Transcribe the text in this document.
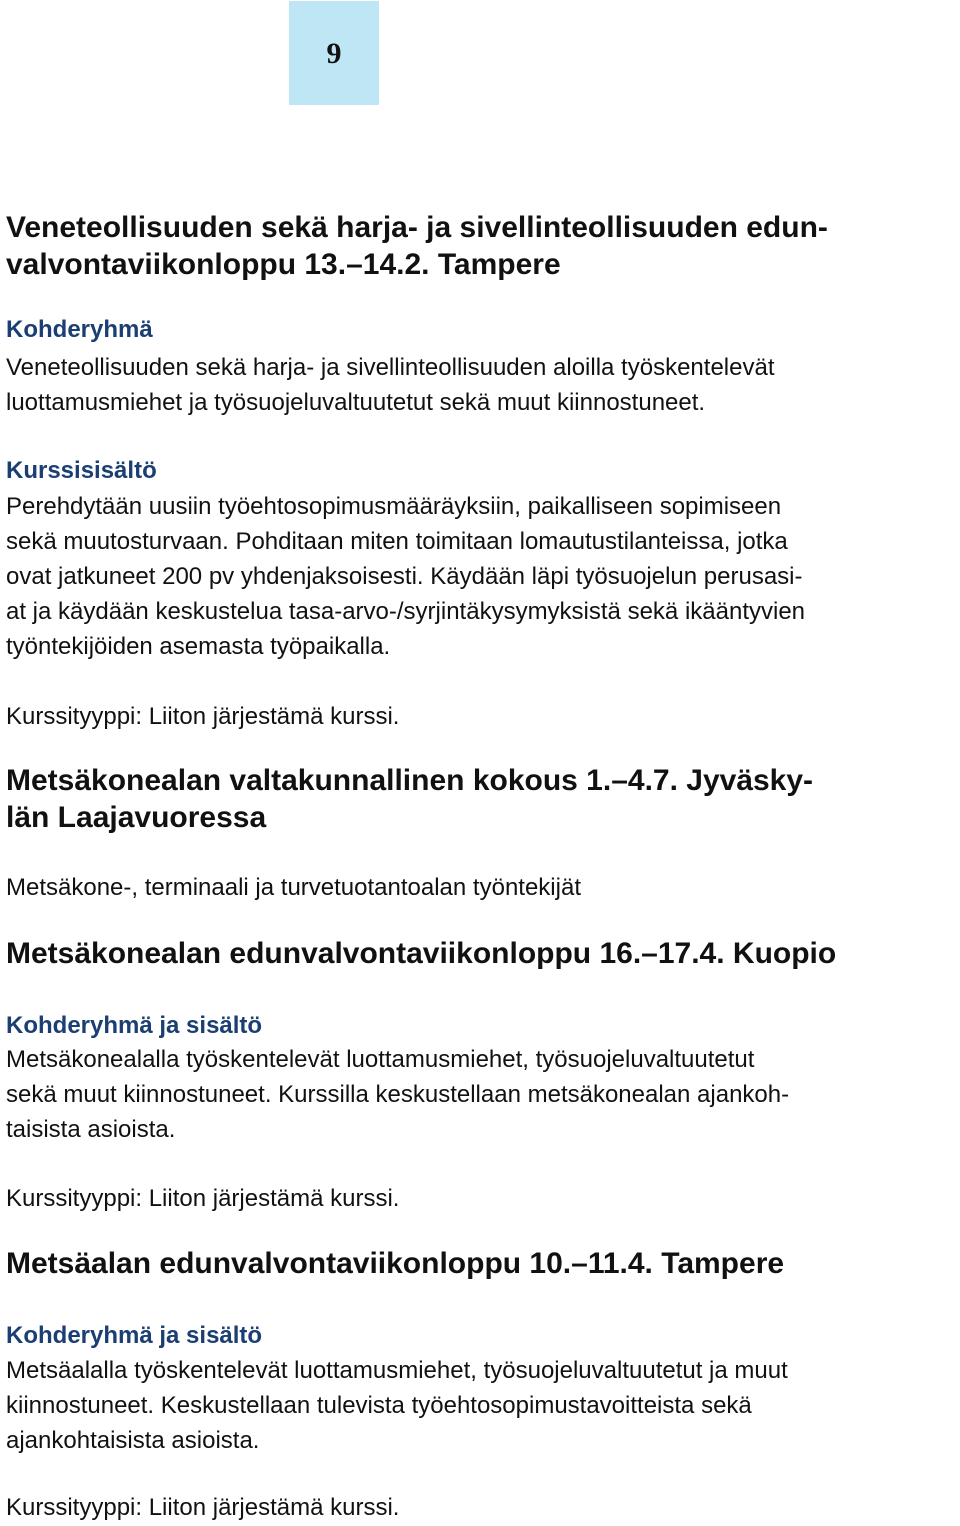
9
Veneteollisuuden sekä harja- ja sivellinteollisuuden edun-
valvontaviikonloppu 13.–14.2. Tampere
Kohderyhmä
Veneteollisuuden sekä harja- ja sivellinteollisuuden aloilla työskentelevät
luottamusmiehet ja työsuojeluvaltuutetut sekä muut kiinnostuneet.
Kurssisisältö
Perehdytään uusiin työehtosopimusmääräyksiin, paikalliseen sopimiseen
sekä muutosturvaan. Pohditaan miten toimitaan lomautustilanteissa, jotka
ovat jatkuneet 200 pv yhdenjaksoisesti. Käydään läpi työsuojelun perusasi-
at ja käydään keskustelua tasa-arvo-/syrjintäkysymyksistä sekä ikääntyvien
työntekijöiden asemasta työpaikalla.
Kurssityyppi: Liiton järjestämä kurssi.
Metsäkonealan valtakunnallinen kokous 1.–4.7. Jyväsky-
län Laajavuoressa
Metsäkone-, terminaali ja turvetuotantoalan työntekijät
Metsäkonealan edunvalvontaviikonloppu 16.–17.4. Kuopio
Kohderyhmä ja sisältö
Metsäkonealalla työskentelevät luottamusmiehet, työsuojeluvaltuutetut
sekä muut kiinnostuneet. Kurssilla keskustellaan metsäkonealan ajankoh-
taisista asioista.
Kurssityyppi: Liiton järjestämä kurssi.
Metsäalan edunvalvontaviikonloppu 10.–11.4. Tampere
Kohderyhmä ja sisältö
Metsäalalla työskentelevät luottamusmiehet, työsuojeluvaltuutetut ja muut
kiinnostuneet. Keskustellaan tulevista työehtosopimustavoitteista sekä
ajankohtaisista asioista.
Kurssityyppi: Liiton järjestämä kurssi.
